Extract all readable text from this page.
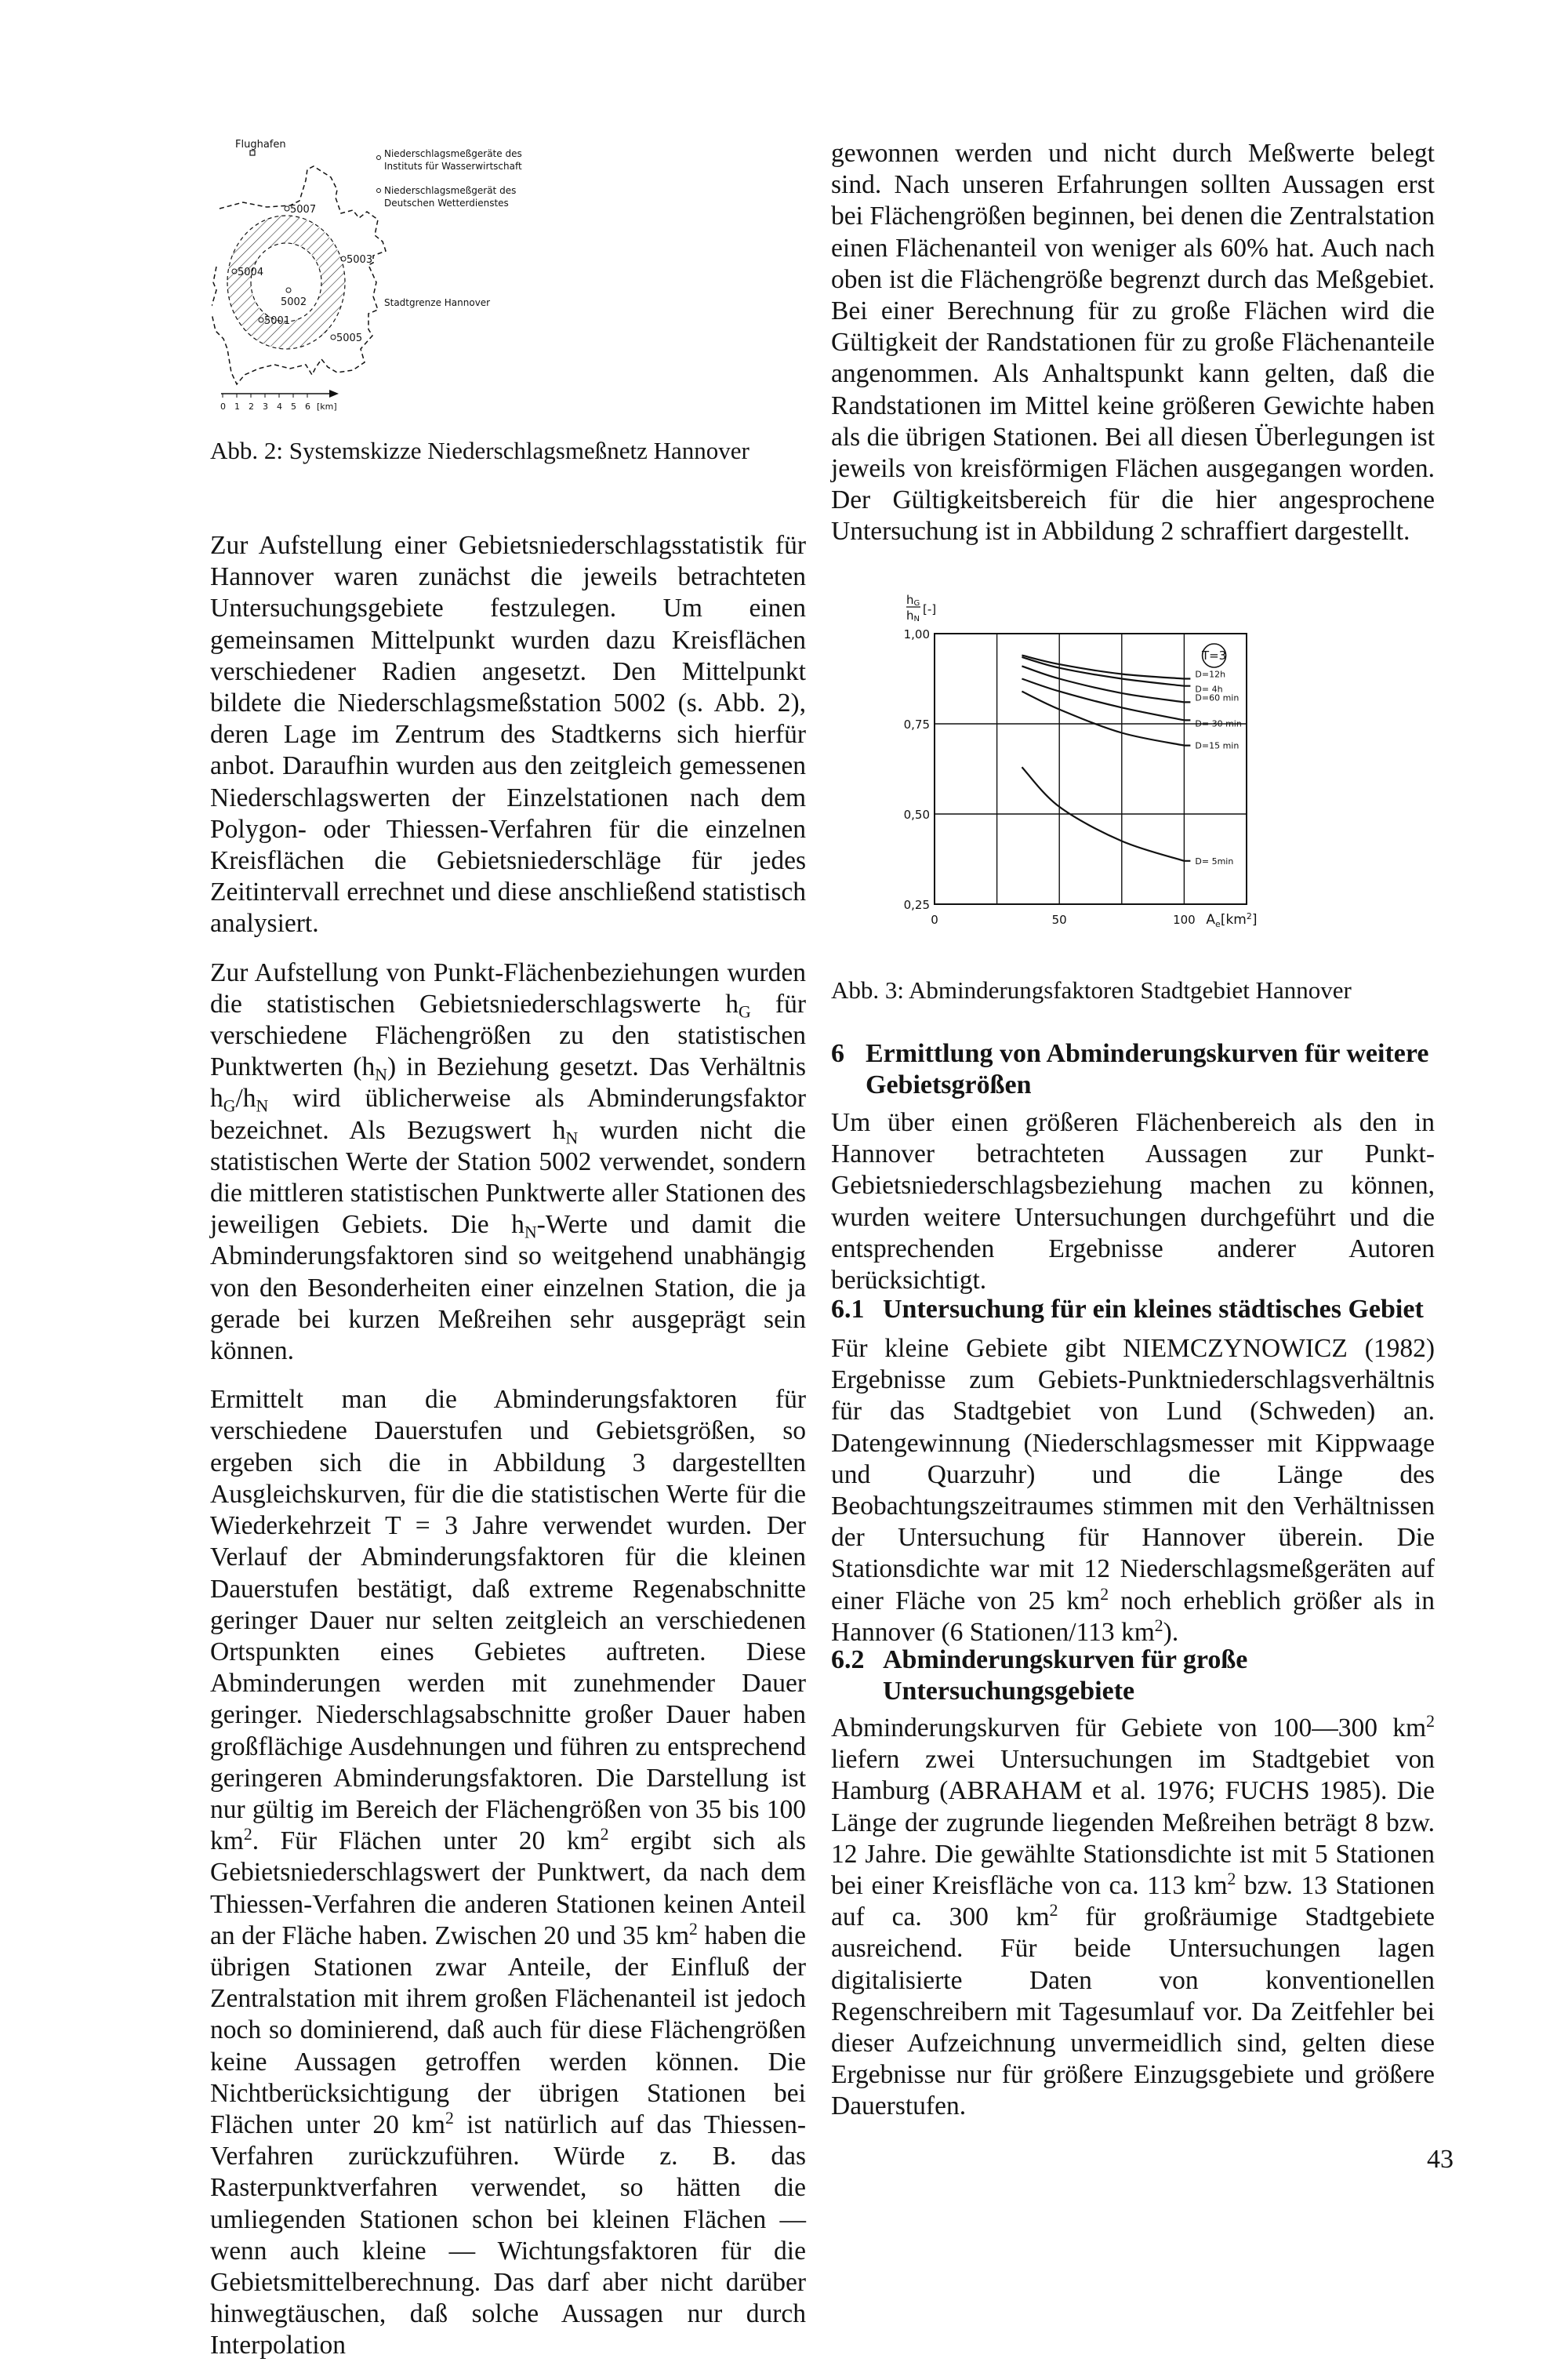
Flughafen
5007
5003
5004
5002
5001
5005
Niederschlagsmeßgeräte des
Instituts für Wasserwirtschaft
Niederschlagsmeßgerät des
Deutschen Wetterdienstes
Stadtgrenze Hannover
0 1 2 3 4 5 6 [km]
Abb. 2: Systemskizze Niederschlagsmeßnetz Hannover

Zur Aufstellung einer Gebietsniederschlagsstatistik für Hannover waren zunächst die jeweils betrachteten Untersuchungsgebiete festzulegen. Um einen gemeinsamen Mittelpunkt wurden dazu Kreisflächen verschiedener Radien angesetzt. Den Mittelpunkt bildete die Niederschlagsmeßstation 5002 (s. Abb. 2), deren Lage im Zentrum des Stadtkerns sich hierfür anbot. Daraufhin wurden aus den zeitgleich gemessenen Niederschlagswerten der Einzelstationen nach dem Polygon- oder Thiessen-Verfahren für die einzelnen Kreisflächen die Gebietsniederschläge für jedes Zeitintervall errechnet und diese anschließend statistisch analysiert.

Zur Aufstellung von Punkt-Flächenbeziehungen wurden die statistischen Gebietsniederschlagswerte $h_G$ für verschiedene Flächengrößen zu den statistischen Punktwerten $(h_N)$ in Beziehung gesetzt. Das Verhältnis $h_G/h_N$ wird üblicherweise als Abminderungsfaktor bezeichnet. Als Bezugswert $h_N$ wurden nicht die statistischen Werte der Station 5002 verwendet, sondern die mittleren statistischen Punktwerte aller Stationen des jeweiligen Gebiets. Die $h_N$-Werte und damit die Abminderungsfaktoren sind so weitgehend unabhängig von den Besonderheiten einer einzelnen Station, die ja gerade bei kurzen Meßreihen sehr ausgeprägt sein können.

Ermittelt man die Abminderungsfaktoren für verschiedene Dauerstufen und Gebietsgrößen, so ergeben sich die in Abbildung 3 dargestellten Ausgleichskurven, für die die statistischen Werte für die Wiederkehrzeit T = 3 Jahre verwendet wurden. Der Verlauf der Abminderungsfaktoren für die kleinen Dauerstufen bestätigt, daß extreme Regenabschnitte geringer Dauer nur selten zeitgleich an verschiedenen Ortspunkten eines Gebietes auftreten. Diese Abminderungen werden mit zunehmender Dauer geringer. Niederschlagsabschnitte großer Dauer haben großflächige Ausdehnungen und führen zu entsprechend geringeren Abminderungsfaktoren. Die Darstellung ist nur gültig im Bereich der Flächengrößen von 35 bis 100 $km^2$. Für Flächen unter 20 $km^2$ ergibt sich als Gebietsniederschlagswert der Punktwert, da nach dem Thiessen-Verfahren die anderen Stationen keinen Anteil an der Fläche haben. Zwischen 20 und 35 $km^2$ haben die übrigen Stationen zwar Anteile, der Einfluß der Zentralstation mit ihrem großen Flächenanteil ist jedoch noch so dominierend, daß auch für diese Flächengrößen keine Aussagen getroffen werden können. Die Nichtberücksichtigung der übrigen Stationen bei Flächen unter 20 $km^2$ ist natürlich auf das Thiessen-Verfahren zurückzuführen. Würde z. B. das Rasterpunktverfahren verwendet, so hätten die umliegenden Stationen schon bei kleinen Flächen — wenn auch kleine — Wichtungsfaktoren für die Gebietsmittelberechnung. Das darf aber nicht darüber hinwegtäuschen, daß solche Aussagen nur durch Interpolation

gewonnen werden und nicht durch Meßwerte belegt sind. Nach unseren Erfahrungen sollten Aussagen erst bei Flächengrößen beginnen, bei denen die Zentralstation einen Flächenanteil von weniger als 60% hat. Auch nach oben ist die Flächengröße begrenzt durch das Meßgebiet. Bei einer Berechnung für zu große Flächen wird die Gültigkeit der Randstationen für zu große Flächenanteile angenommen. Als Anhaltspunkt kann gelten, daß die Randstationen im Mittel keine größeren Gewichte haben als die übrigen Stationen. Bei all diesen Überlegungen ist jeweils von kreisförmigen Flächen ausgegangen worden. Der Gültigkeitsbereich für die hier angesprochene Untersuchung ist in Abbildung 2 schraffiert dargestellt.

1,00
0,75
0,50
0,25
0	50	100
D=12h
D= 4h
D=60 min
D= 30 min
D=15 min
D= 5min
hG
hN
[-]
$A_e[km^2]$
T=3
Abb. 3: Abminderungsfaktoren Stadtgebiet Hannover
6 Ermittlung von Abminderungskurven für weitere
Gebietsgrößen

Um über einen größeren Flächenbereich als den in Hannover betrachteten Aussagen zur Punkt-Gebietsniederschlagsbeziehung machen zu können, wurden weitere Untersuchungen durchgeführt und die entsprechenden Ergebnisse anderer Autoren berücksichtigt.

6.1 Untersuchung für ein kleines städtisches Gebiet

Für kleine Gebiete gibt NIEMCZYNOWICZ (1982) Ergebnisse zum Gebiets-Punktniederschlagsverhältnis für das Stadtgebiet von Lund (Schweden) an. Datengewinnung (Niederschlagsmesser mit Kippwaage und Quarzuhr) und die Länge des Beobachtungszeitraumes stimmen mit den Verhältnissen der Untersuchung für Hannover überein. Die Stationsdichte war mit 12 Niederschlagsmeßgeräten auf einer Fläche von 25 $km^2$ noch erheblich größer als in Hannover (6 Stationen/113 $km^2$).

6.2 Abminderungskurven für große
Untersuchungsgebiete

Abminderungskurven für Gebiete von 100—300 $km^2$ liefern zwei Untersuchungen im Stadtgebiet von Hamburg (ABRAHAM et al. 1976; FUCHS 1985). Die Länge der zugrunde liegenden Meßreihen beträgt 8 bzw. 12 Jahre. Die gewählte Stationsdichte ist mit 5 Stationen bei einer Kreisfläche von ca. 113 $km^2$ bzw. 13 Stationen auf ca. 300 $km^2$ für großräumige Stadtgebiete ausreichend. Für beide Untersuchungen lagen digitalisierte Daten von konventionellen Regenschreibern mit Tagesumlauf vor. Da Zeitfehler bei dieser Aufzeichnung unvermeidlich sind, gelten diese Ergebnisse nur für größere Einzugsgebiete und größere Dauerstufen.

43
